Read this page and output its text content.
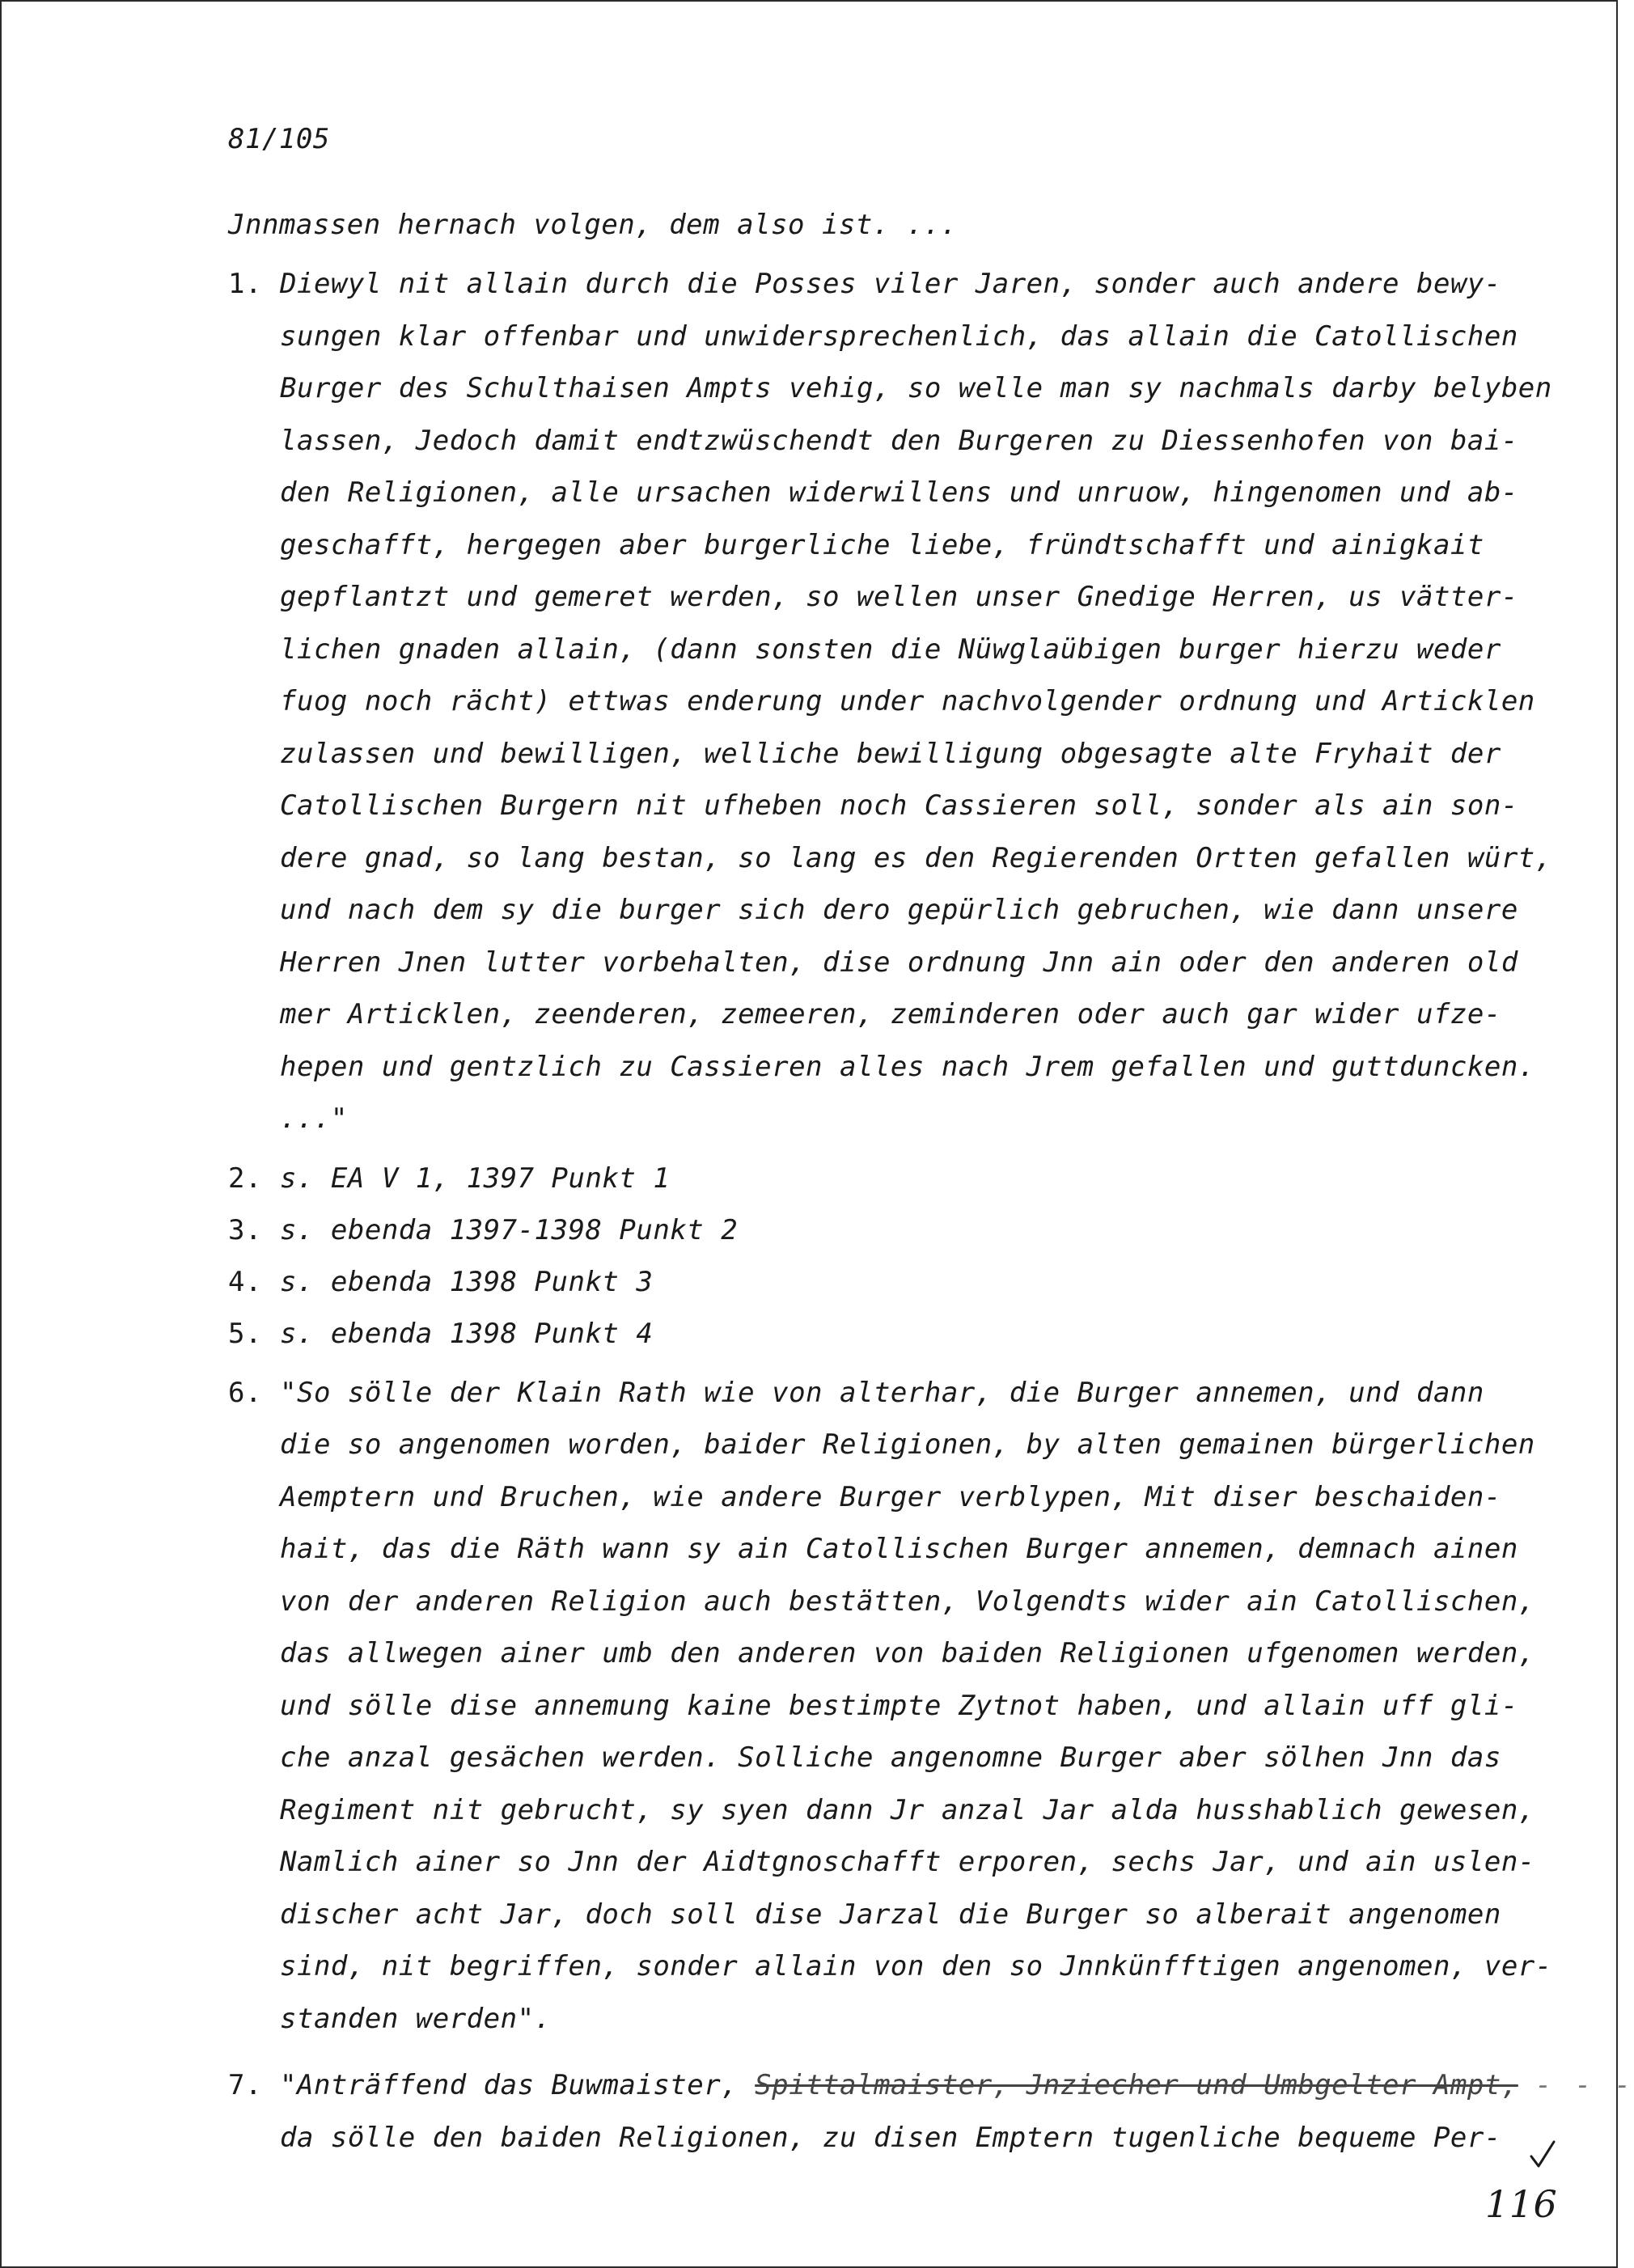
81/105
Jnnmassen hernach volgen, dem also ist. ...
1. Diewyl nit allain durch die Posses viler Jaren, sonder auch andere bewy-
sungen klar offenbar und unwidersprechenlich, das allain die Catollischen
Burger des Schulthaisen Ampts vehig, so welle man sy nachmals darby belyben
lassen, Jedoch damit endtzwüschendt den Burgeren zu Diessenhofen von bai-
den Religionen, alle ursachen widerwillens und unruow, hingenomen und ab-
geschafft, hergegen aber burgerliche liebe, fründtschafft und ainigkait
gepflantzt und gemeret werden, so wellen unser Gnedige Herren, us vätter-
lichen gnaden allain, (dann sonsten die Nüwglaübigen burger hierzu weder
fuog noch rächt) ettwas enderung under nachvolgender ordnung und Articklen
zulassen und bewilligen, welliche bewilligung obgesagte alte Fryhait der
Catollischen Burgern nit ufheben noch Cassieren soll, sonder als ain son-
dere gnad, so lang bestan, so lang es den Regierenden Ortten gefallen würt,
und nach dem sy die burger sich dero gepürlich gebruchen, wie dann unsere
Herren Jnen lutter vorbehalten, dise ordnung Jnn ain oder den anderen old
mer Articklen, zeenderen, zemeeren, zeminderen oder auch gar wider ufze-
hepen und gentzlich zu Cassieren alles nach Jrem gefallen und guttduncken.
..."
2. s. EA V 1, 1397 Punkt 1
3. s. ebenda 1397-1398 Punkt 2
4. s. ebenda 1398 Punkt 3
5. s. ebenda 1398 Punkt 4
6. "So sölle der Klain Rath wie von alterhar, die Burger annemen, und dann
die so angenomen worden, baider Religionen, by alten gemainen bürgerlichen
Aemptern und Bruchen, wie andere Burger verblypen, Mit diser beschaiden-
hait, das die Räth wann sy ain Catollischen Burger annemen, demnach ainen
von der anderen Religion auch bestätten, Volgendts wider ain Catollischen,
das allwegen ainer umb den anderen von baiden Religionen ufgenomen werden,
und sölle dise annemung kaine bestimpte Zytnot haben, und allain uff gli-
che anzal gesächen werden. Solliche angenomne Burger aber sölhen Jnn das
Regiment nit gebrucht, sy syen dann Jr anzal Jar alda husshablich gewesen,
Namlich ainer so Jnn der Aidtgnoschafft erporen, sechs Jar, und ain uslen-
discher acht Jar, doch soll dise Jarzal die Burger so alberait angenomen
sind, nit begriffen, sonder allain von den so Jnnkünfftigen angenomen, ver-
standen werden".
7. "Anträffend das Buwmaister, Spittalmaister, Jnziecher und Umbgelter Ampt, - - -
da sölle den baiden Religionen, zu disen Emptern tugenliche bequeme Per-
116
